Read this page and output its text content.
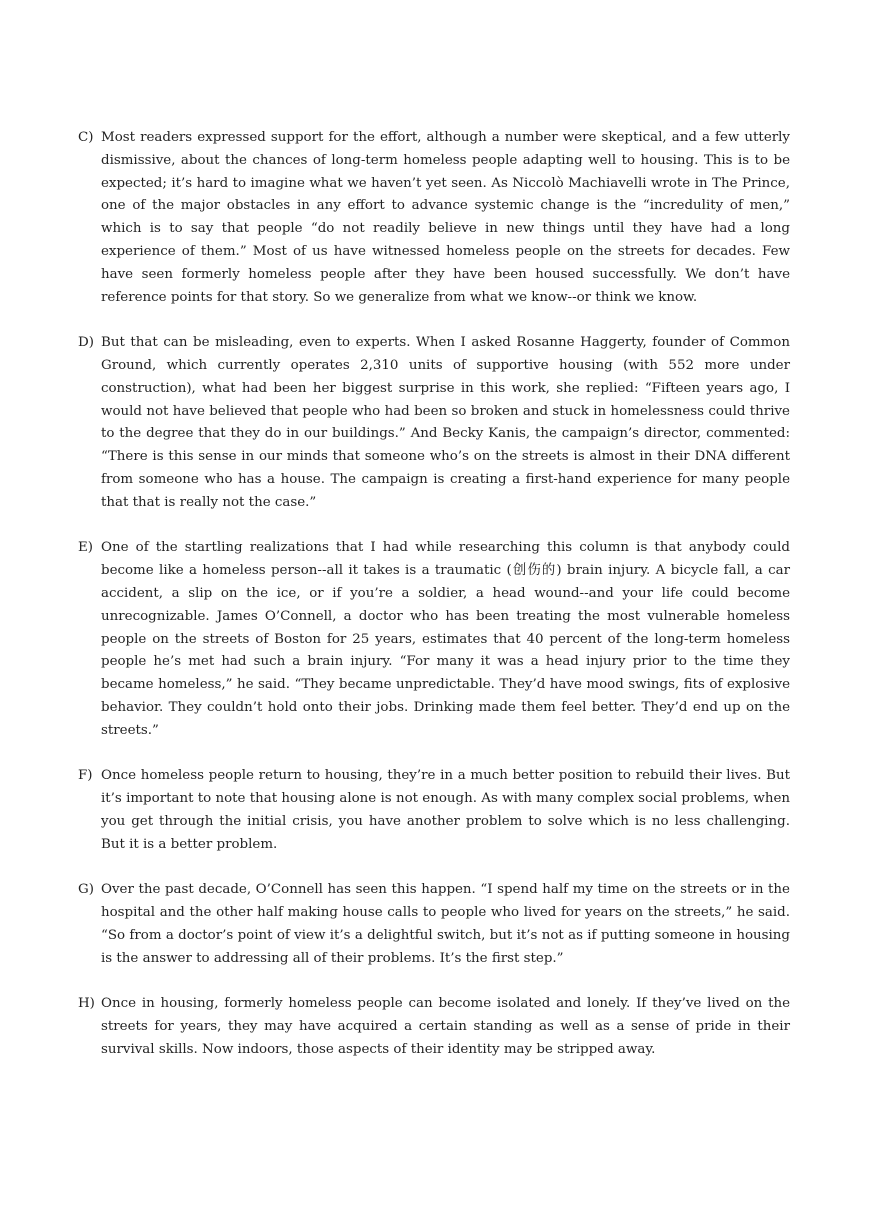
C) Most readers expressed support for the effort, although a number were skeptical, and a few utterly dismissive, about the chances of long-term homeless people adapting well to housing. This is to be expected; it’s hard to imagine what we haven’t yet seen. As Niccolò Machiavelli wrote in The Prince, one of the major obstacles in any effort to advance systemic change is the “incredulity of men,” which is to say that people “do not readily believe in new things until they have had a long experience of them.” Most of us have witnessed homeless people on the streets for decades. Few have seen formerly homeless people after they have been housed successfully. We don’t have reference points for that story. So we generalize from what we know--or think we know.

D) But that can be misleading, even to experts. When I asked Rosanne Haggerty, founder of Common Ground, which currently operates 2,310 units of supportive housing (with 552 more under construction), what had been her biggest surprise in this work, she replied: “Fifteen years ago, I would not have believed that people who had been so broken and stuck in homelessness could thrive to the degree that they do in our buildings.” And Becky Kanis, the campaign’s director, commented: “There is this sense in our minds that someone who’s on the streets is almost in their DNA different from someone who has a house. The campaign is creating a first-hand experience for many people that that is really not the case.”

E) One of the startling realizations that I had while researching this column is that anybody could become like a homeless person--all it takes is a traumatic (创伤的) brain injury. A bicycle fall, a car accident, a slip on the ice, or if you’re a soldier, a head wound--and your life could become unrecognizable. James O’Connell, a doctor who has been treating the most vulnerable homeless people on the streets of Boston for 25 years, estimates that 40 percent of the long-term homeless people he’s met had such a brain injury. “For many it was a head injury prior to the time they became homeless,” he said. “They became unpredictable. They’d have mood swings, fits of explosive behavior. They couldn’t hold onto their jobs. Drinking made them feel better. They’d end up on the streets.”

F) Once homeless people return to housing, they’re in a much better position to rebuild their lives. But it’s important to note that housing alone is not enough. As with many complex social problems, when you get through the initial crisis, you have another problem to solve which is no less challenging. But it is a better problem.

G) Over the past decade, O’Connell has seen this happen. “I spend half my time on the streets or in the hospital and the other half making house calls to people who lived for years on the streets,” he said. “So from a doctor’s point of view it’s a delightful switch, but it’s not as if putting someone in housing is the answer to addressing all of their problems. It’s the first step.”

H) Once in housing, formerly homeless people can become isolated and lonely. If they’ve lived on the streets for years, they may have acquired a certain standing as well as a sense of pride in their survival skills. Now indoors, those aspects of their identity may be stripped away.
